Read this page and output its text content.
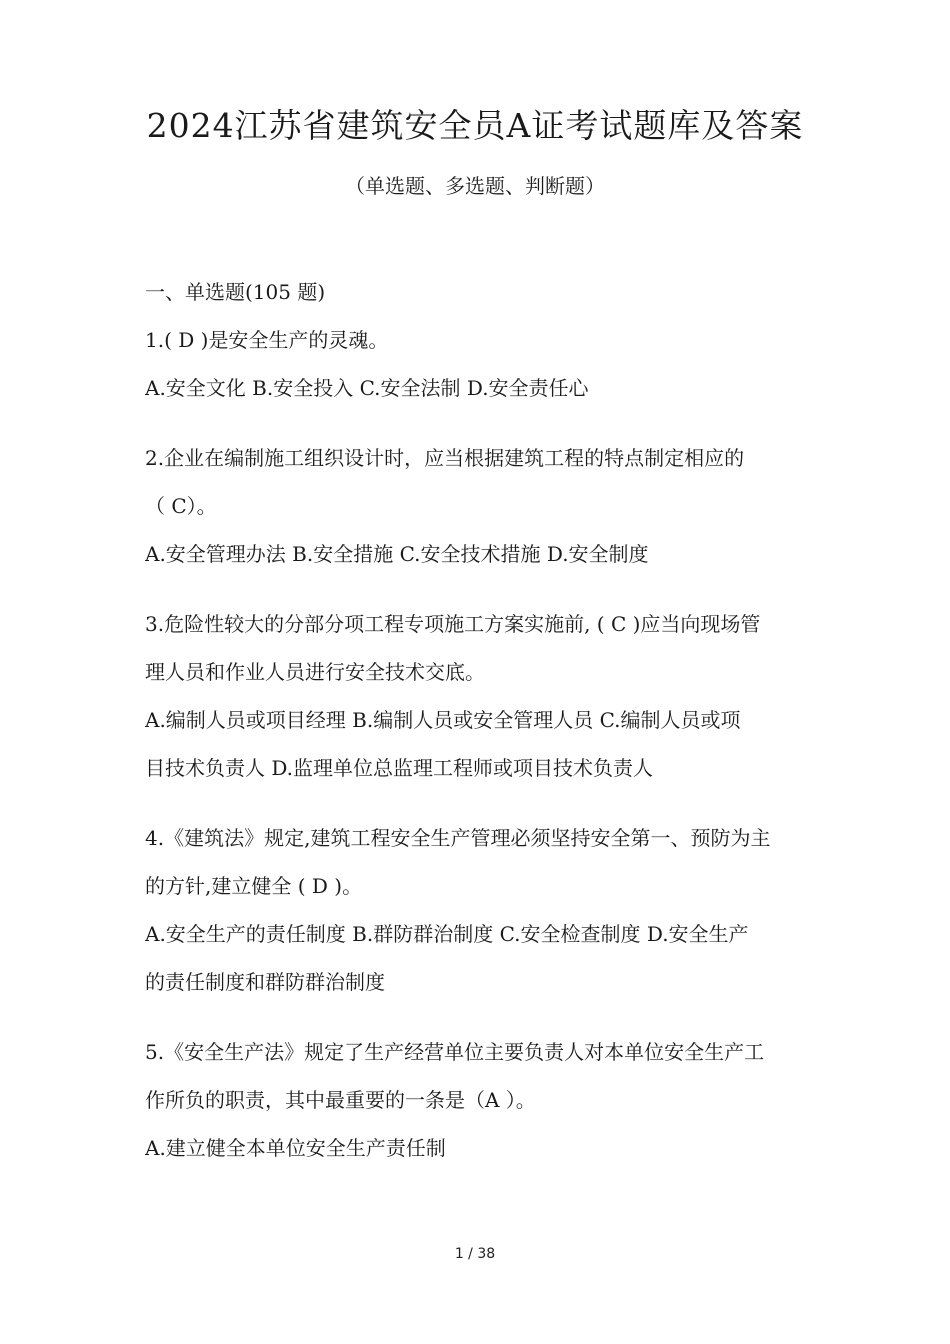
2024江苏省建筑安全员A证考试题库及答案
（单选题、多选题、判断题）
一、单选题(105 题)
1.( D )是安全生产的灵魂。
A.安全文化 B.安全投入 C.安全法制 D.安全责任心
2.企业在编制施工组织设计时，应当根据建筑工程的特点制定相应的
（ C）。
A.安全管理办法 B.安全措施 C.安全技术措施 D.安全制度
3.危险性较大的分部分项工程专项施工方案实施前, ( C )应当向现场管
理人员和作业人员进行安全技术交底。
A.编制人员或项目经理 B.编制人员或安全管理人员 C.编制人员或项
目技术负责人 D.监理单位总监理工程师或项目技术负责人
4.《建筑法》规定,建筑工程安全生产管理必须坚持安全第一、预防为主
的方针,建立健全 ( D )。
A.安全生产的责任制度 B.群防群治制度 C.安全检查制度 D.安全生产
的责任制度和群防群治制度
5.《安全生产法》规定了生产经营单位主要负责人对本单位安全生产工
作所负的职责，其中最重要的一条是（A ）。
A.建立健全本单位安全生产责任制
1 / 38
